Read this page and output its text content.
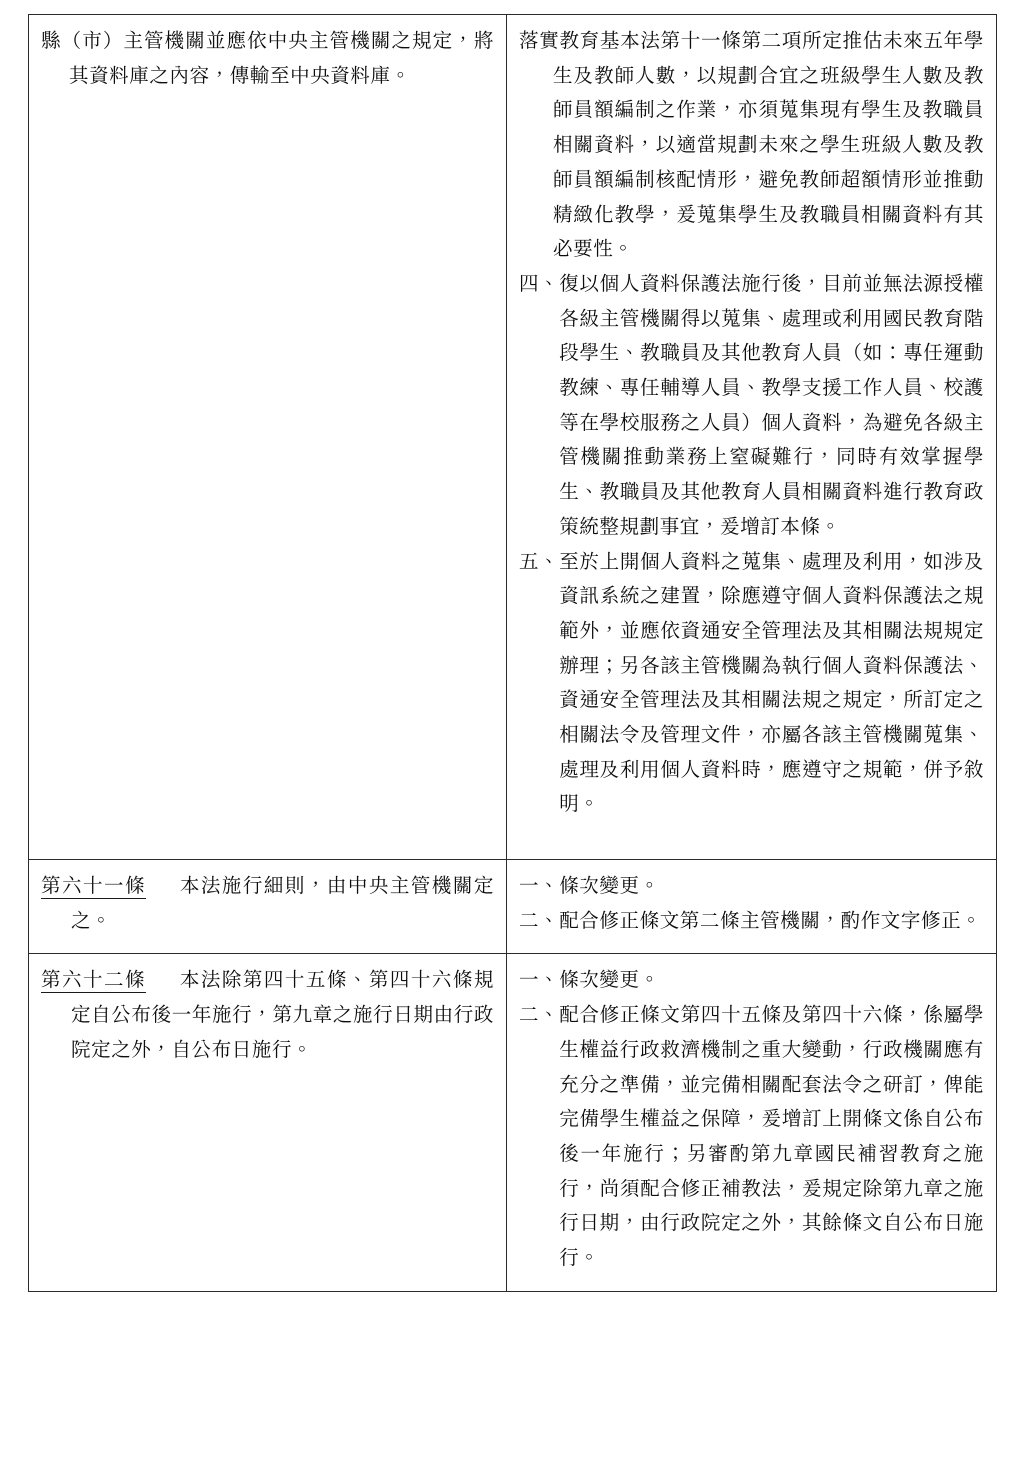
縣（市）主管機關並應依中央主管機關之規定，將其資料庫之內容，傳輸至中央資料庫。	落實教育基本法第十一條第二項所定推估未來五年學生及教師人數，以規劃合宜之班級學生人數及教師員額編制之作業，亦須蒐集現有學生及教職員相關資料，以適當規劃未來之學生班級人數及教師員額編制核配情形，避免教師超額情形並推動精緻化教學，爰蒐集學生及教職員相關資料有其必要性。
四、 復以個人資料保護法施行後，目前並無法源授權各級主管機關得以蒐集、處理或利用國民教育階段學生、教職員及其他教育人員（如：專任運動教練、專任輔導人員、教學支援工作人員、校護等在學校服務之人員）個人資料，為避免各級主管機關推動業務上窒礙難行，同時有效掌握學生、教職員及其他教育人員相關資料進行教育政策統整規劃事宜，爰增訂本條。
五、 至於上開個人資料之蒐集、處理及利用，如涉及資訊系統之建置，除應遵守個人資料保護法之規範外，並應依資通安全管理法及其相關法規規定辦理；另各該主管機關為執行個人資料保護法、資通安全管理法及其相關法規之規定，所訂定之相關法令及管理文件，亦屬各該主管機關蒐集、處理及利用個人資料時，應遵守之規範，併予敘明。

第六十一條 　 本法施行細則，由中央主管機關定之。	一、 條次變更。
二、 配合修正條文第二條主管機關，酌作文字修正。

第六十二條 　 本法除第四十五條、第四十六條規定自公布後一年施行，第九章之施行日期由行政院定之外，自公布日施行。	一、 條次變更。
二、 配合修正條文第四十五條及第四十六條，係屬學生權益行政救濟機制之重大變動，行政機關應有充分之準備，並完備相關配套法令之研訂，俾能完備學生權益之保障，爰增訂上開條文係自公布後一年施行；另審酌第九章國民補習教育之施行，尚須配合修正補教法，爰規定除第九章之施行日期，由行政院定之外，其餘條文自公布日施行。
